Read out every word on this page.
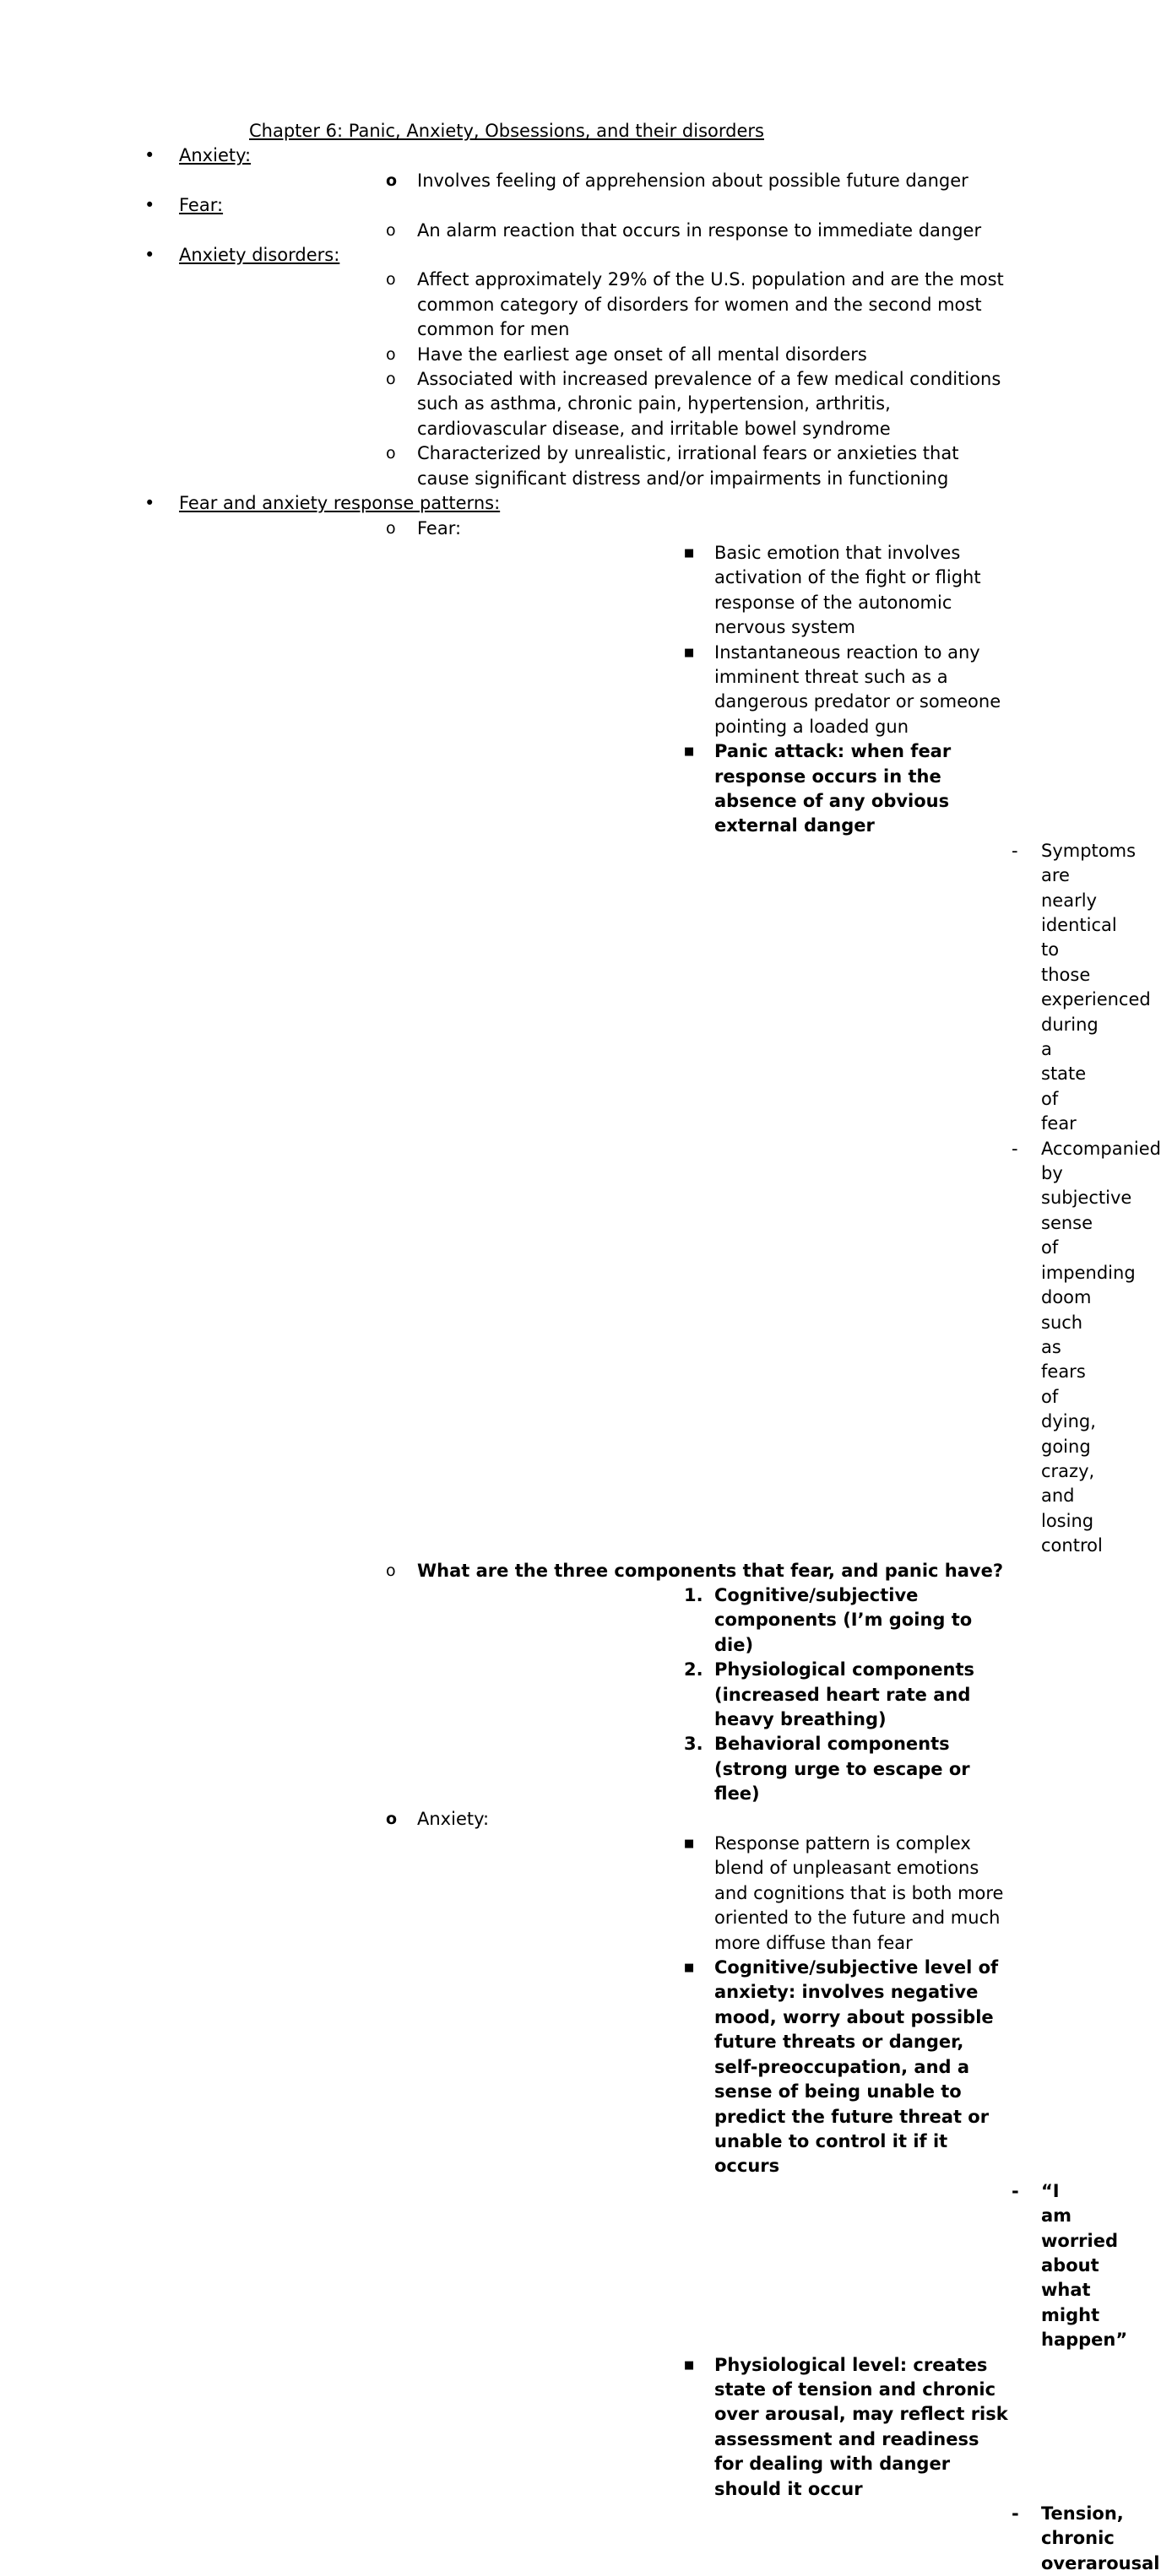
Chapter 6: Panic, Anxiety, Obsessions, and their disorders
• Anxiety:
o Involves feeling of apprehension about possible future danger
• Fear:
o An alarm reaction that occurs in response to immediate danger
• Anxiety disorders:
o Affect approximately 29% of the U.S. population and are the most common category of disorders for women and the second most common for men
o Have the earliest age onset of all mental disorders
o Associated with increased prevalence of a few medical conditions such as asthma, chronic pain, hypertension, arthritis, cardiovascular disease, and irritable bowel syndrome
o Characterized by unrealistic, irrational fears or anxieties that cause significant distress and/or impairments in functioning
• Fear and anxiety response patterns:
o Fear:
■ Basic emotion that involves activation of the fight or flight response of the autonomic nervous system
■ Instantaneous reaction to any imminent threat such as a dangerous predator or someone pointing a loaded gun
■ Panic attack: when fear response occurs in the absence of any obvious external danger
- Symptoms are nearly identical to those experienced during a state of fear
- Accompanied by subjective sense of impending doom such as fears of dying, going crazy, and losing control
o What are the three components that fear, and panic have?
1. Cognitive/subjective components (I’m going to die)
2. Physiological components (increased heart rate and heavy breathing)
3. Behavioral components (strong urge to escape or flee)
o Anxiety:
■ Response pattern is complex blend of unpleasant emotions and cognitions that is both more oriented to the future and much more diffuse than fear
■ Cognitive/subjective level of anxiety: involves negative mood, worry about possible future threats or danger, self-preoccupation, and a sense of being unable to predict the future threat or unable to control it if it occurs
- “I am worried about what might happen”
■ Physiological level: creates state of tension and chronic over arousal, may reflect risk assessment and readiness for dealing with danger should it occur
- Tension, chronic overarousal
